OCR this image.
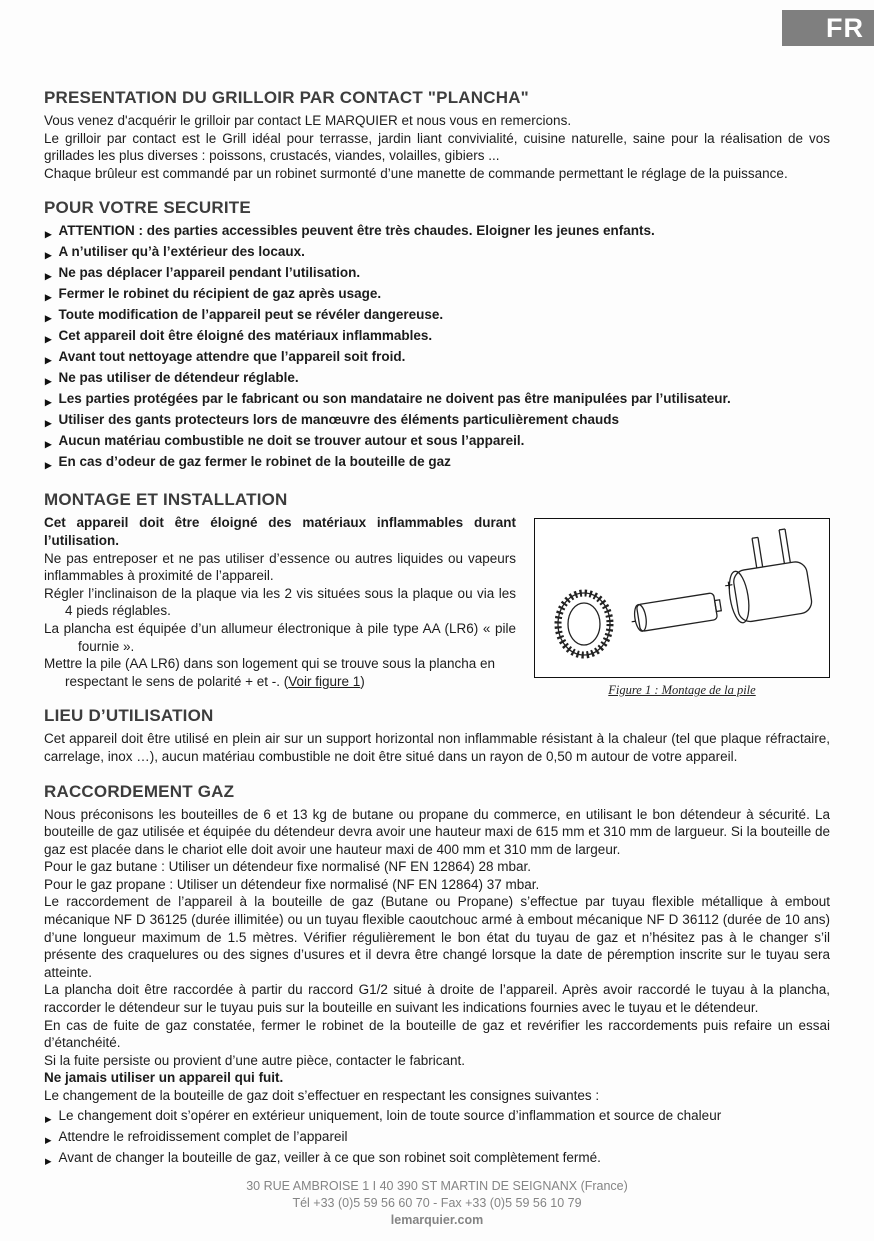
FR
PRESENTATION DU GRILLOIR PAR CONTACT "PLANCHA"

Vous venez d'acquérir le grilloir par contact LE MARQUIER et nous vous en remercions.

Le grilloir par contact est le Grill idéal pour terrasse, jardin liant convivialité, cuisine naturelle, saine pour la réalisation de vos grillades les plus diverses : poissons, crustacés, viandes, volailles, gibiers ...

Chaque brûleur est commandé par un robinet surmonté d’une manette de commande permettant le réglage de la puissance.

POUR VOTRE SECURITE
▶ ATTENTION : des parties accessibles peuvent être très chaudes. Eloigner les jeunes enfants.
▶ A n’utiliser qu’à l’extérieur des locaux.
▶ Ne pas déplacer l’appareil pendant l’utilisation.
▶ Fermer le robinet du récipient de gaz après usage.
▶ Toute modification de l’appareil peut se révéler dangereuse.
▶ Cet appareil doit être éloigné des matériaux inflammables.
▶ Avant tout nettoyage attendre que l’appareil soit froid.
▶ Ne pas utiliser de détendeur réglable.
▶ Les parties protégées par le fabricant ou son mandataire ne doivent pas être manipulées par l’utilisateur.
▶ Utiliser des gants protecteurs lors de manœuvre des éléments particulièrement chauds
▶ Aucun matériau combustible ne doit se trouver autour et sous l’appareil.
▶ En cas d’odeur de gaz fermer le robinet de la bouteille de gaz
MONTAGE ET INSTALLATION
-
+
Figure 1 : Montage de la pile

Cet appareil doit être éloigné des matériaux inflammables durant l’utilisation.

Ne pas entreposer et ne pas utiliser d’essence ou autres liquides ou vapeurs inflammables à proximité de l’appareil.

Régler l’inclinaison de la plaque via les 2 vis situées sous la plaque ou via les 4 pieds réglables.

La plancha est équipée d’un allumeur électronique à pile type AA (LR6) « pile fournie ».

Mettre la pile (AA LR6) dans son logement qui se trouve sous la plancha en respectant le sens de polarité + et -. (Voir figure 1)

LIEU D’UTILISATION

Cet appareil doit être utilisé en plein air sur un support horizontal non inflammable résistant à la chaleur (tel que plaque réfractaire, carrelage, inox …), aucun matériau combustible ne doit être situé dans un rayon de 0,50 m autour de votre appareil.

RACCORDEMENT GAZ

Nous préconisons les bouteilles de 6 et 13 kg de butane ou propane du commerce, en utilisant le bon détendeur à sécurité. La bouteille de gaz utilisée et équipée du détendeur devra avoir une hauteur maxi de 615 mm et 310 mm de largueur. Si la bouteille de gaz est placée dans le chariot elle doit avoir une hauteur maxi de 400 mm et 310 mm de largeur.

Pour le gaz butane : Utiliser un détendeur fixe normalisé (NF EN 12864) 28 mbar.

Pour le gaz propane : Utiliser un détendeur fixe normalisé (NF EN 12864) 37 mbar.

Le raccordement de l’appareil à la bouteille de gaz (Butane ou Propane) s’effectue par tuyau flexible métallique à embout mécanique NF D 36125 (durée illimitée) ou un tuyau flexible caoutchouc armé à embout mécanique NF D 36112 (durée de 10 ans) d’une longueur maximum de 1.5 mètres. Vérifier régulièrement le bon état du tuyau de gaz et n’hésitez pas à le changer s’il présente des craquelures ou des signes d’usures et il devra être changé lorsque la date de péremption inscrite sur le tuyau sera atteinte.

La plancha doit être raccordée à partir du raccord G1/2 situé à droite de l’appareil. Après avoir raccordé le tuyau à la plancha, raccorder le détendeur sur le tuyau puis sur la bouteille en suivant les indications fournies avec le tuyau et le détendeur.

En cas de fuite de gaz constatée, fermer le robinet de la bouteille de gaz et revérifier les raccordements puis refaire un essai d’étanchéité.

Si la fuite persiste ou provient d’une autre pièce, contacter le fabricant.

Ne jamais utiliser un appareil qui fuit.

Le changement de la bouteille de gaz doit s’effectuer en respectant les consignes suivantes :

▶ Le changement doit s’opérer en extérieur uniquement, loin de toute source d’inflammation et source de chaleur
▶ Attendre le refroidissement complet de l’appareil
▶ Avant de changer la bouteille de gaz, veiller à ce que son robinet soit complètement fermé.
30 RUE AMBROISE 1 I 40 390 ST MARTIN DE SEIGNANX (France)
Tél +33 (0)5 59 56 60 70 - Fax +33 (0)5 59 56 10 79
lemarquier.com
